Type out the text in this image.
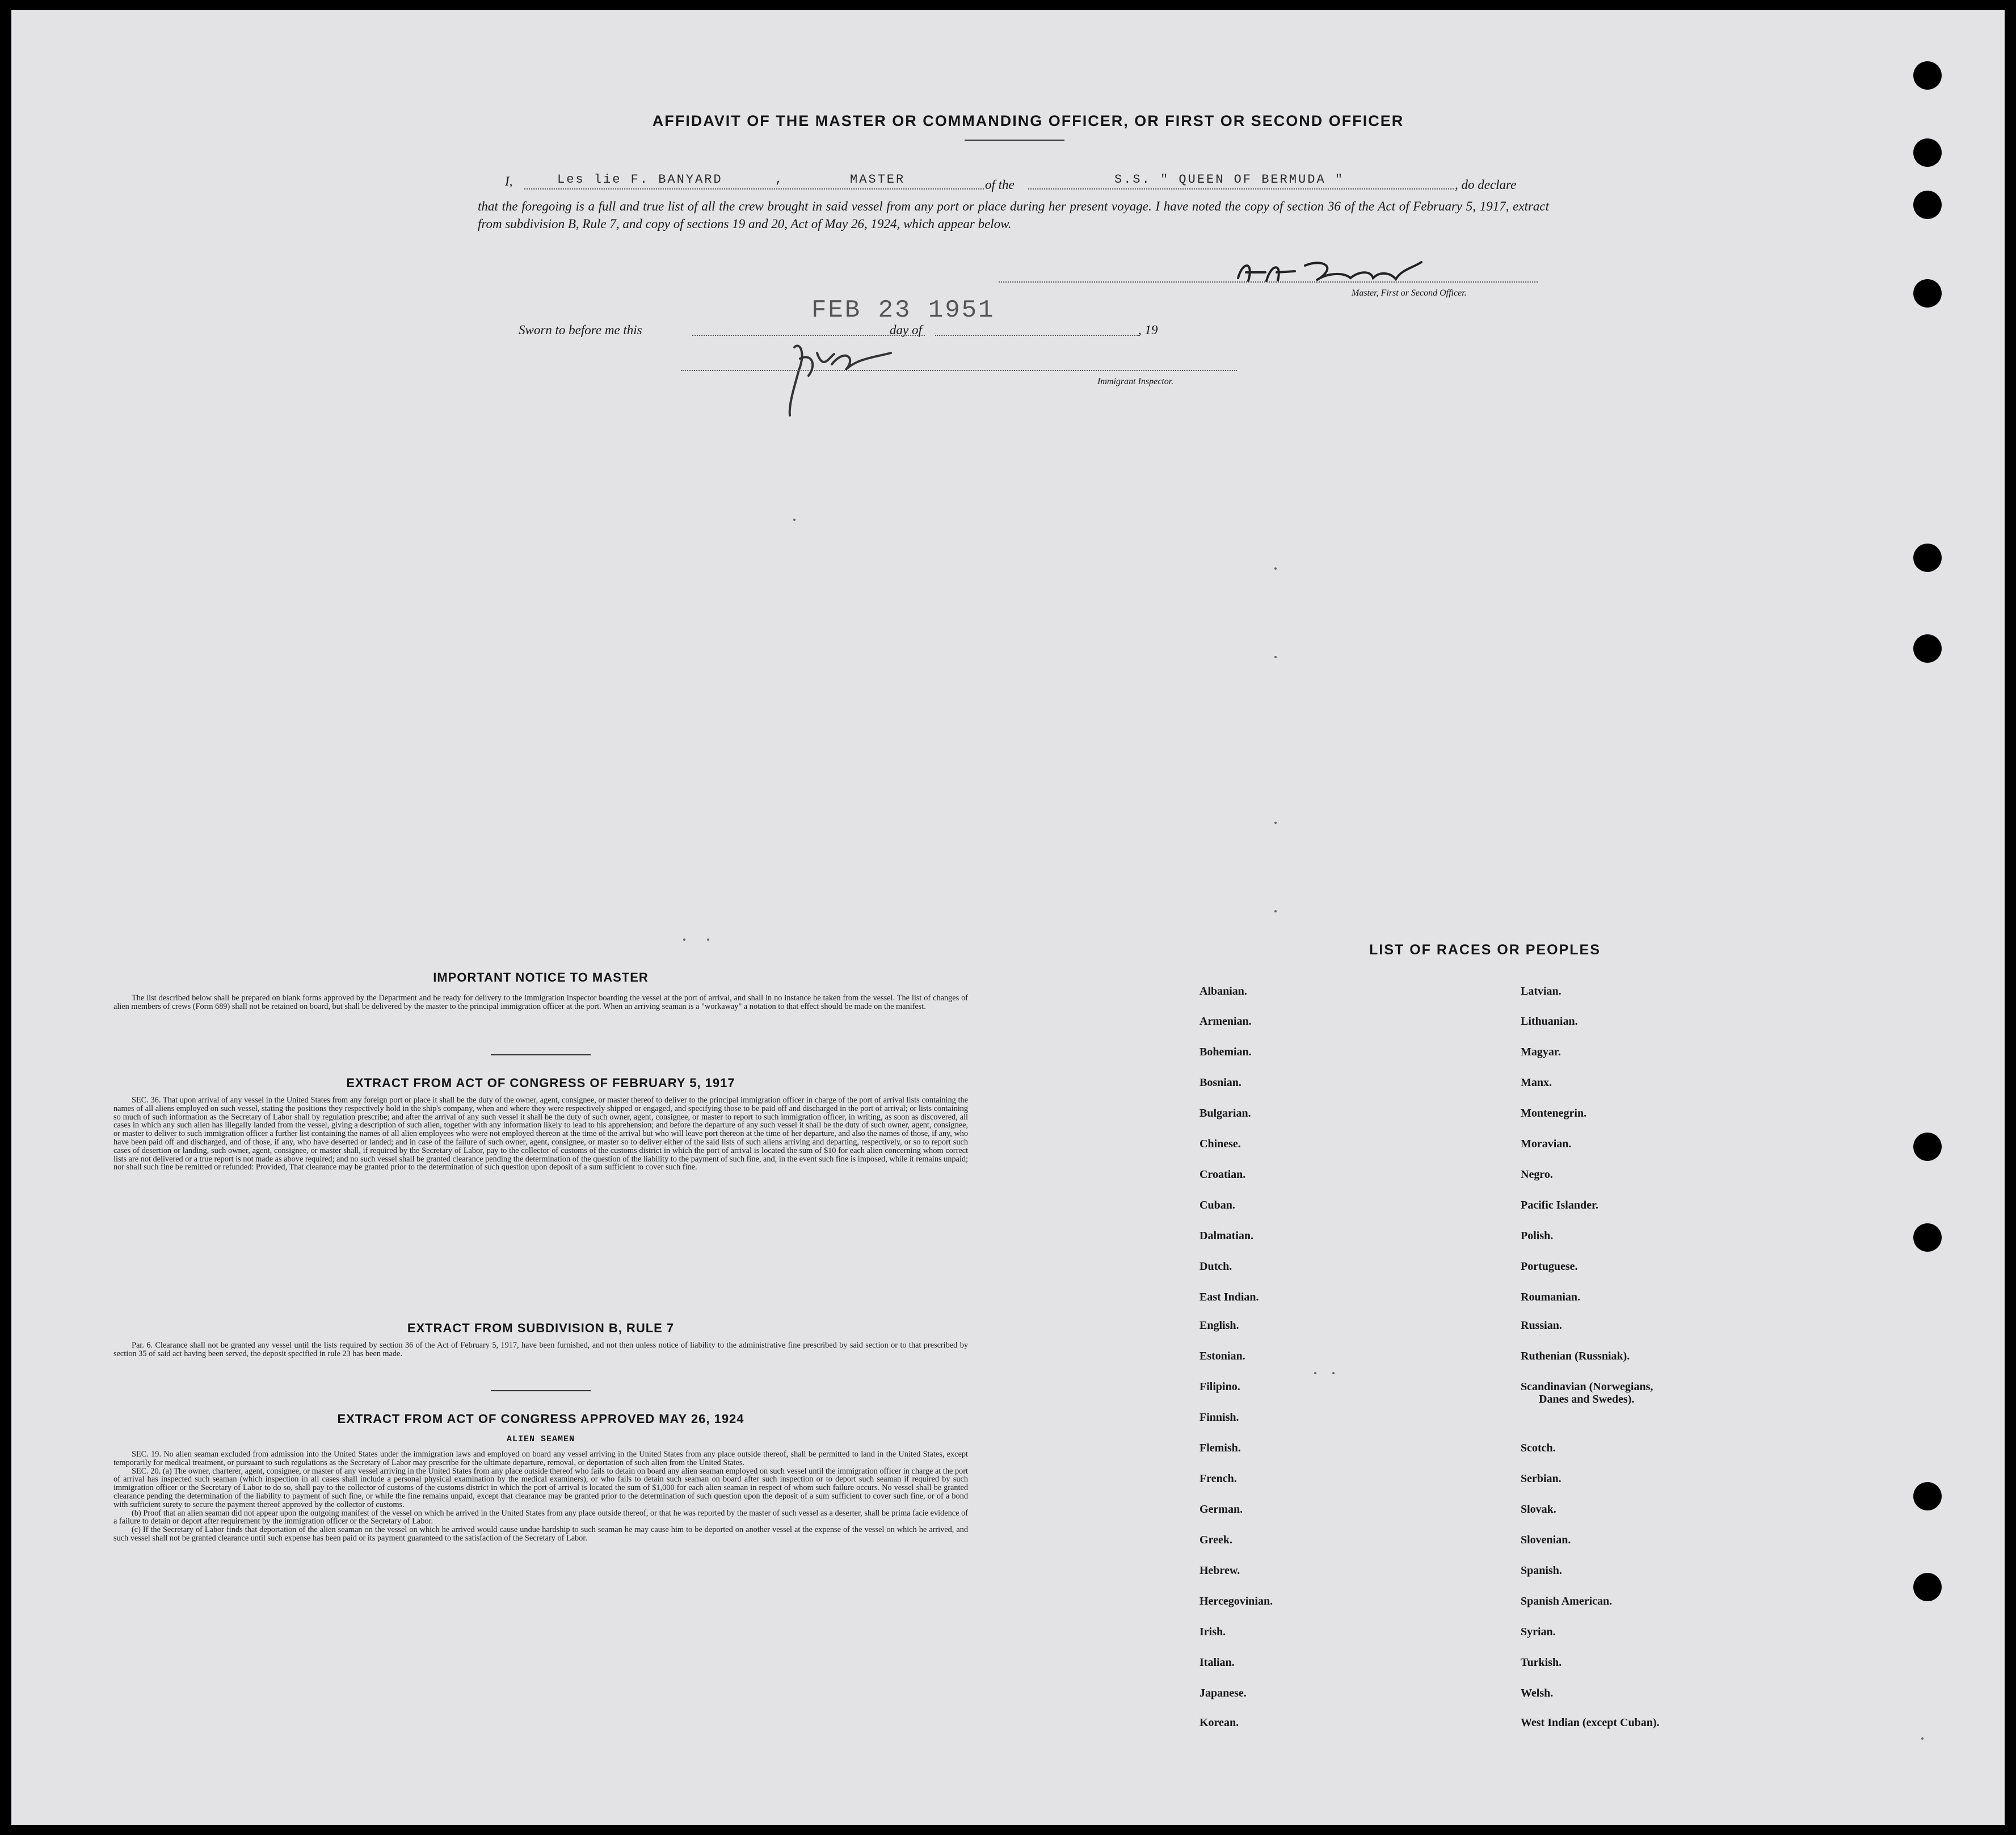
AFFIDAVIT OF THE MASTER OR COMMANDING OFFICER, OR FIRST OR SECOND OFFICER
I,	Les lie F. BANYARD	,	MASTER	of the	S.S. " QUEEN OF BERMUDA "	, do declare
that the foregoing is a full and true list of all the crew brought in said vessel from any port or place during her present voyage. I have noted the copy of section 36 of the Act of February 5, 1917, extract from subdivision B, Rule 7, and copy of sections 19 and 20, Act of May 26, 1924, which appear below.
L.F. Banyard	Master, First or Second Officer.
Sworn to before me this
FEB 23 1951
day of	, 19
JJ Hone
Immigrant Inspector.
IMPORTANT NOTICE TO MASTER

The list described below shall be prepared on blank forms approved by the Department and be ready for delivery to the immigration inspector boarding the vessel at the port of arrival, and shall in no instance be taken from the vessel. The list of changes of alien members of crews (Form 689) shall not be retained on board, but shall be delivered by the master to the principal immigration officer at the port. When an arriving seaman is a "workaway" a notation to that effect should be made on the manifest.

EXTRACT FROM ACT OF CONGRESS OF FEBRUARY 5, 1917

SEC. 36. That upon arrival of any vessel in the United States from any foreign port or place it shall be the duty of the owner, agent, consignee, or master thereof to deliver to the principal immigration officer in charge of the port of arrival lists containing the names of all aliens employed on such vessel, stating the positions they respectively hold in the ship's company, when and where they were respectively shipped or engaged, and specifying those to be paid off and discharged in the port of arrival; or lists containing so much of such information as the Secretary of Labor shall by regulation prescribe; and after the arrival of any such vessel it shall be the duty of such owner, agent, consignee, or master to report to such immigration officer, in writing, as soon as discovered, all cases in which any such alien has illegally landed from the vessel, giving a description of such alien, together with any information likely to lead to his apprehension; and before the departure of any such vessel it shall be the duty of such owner, agent, consignee, or master to deliver to such immigration officer a further list containing the names of all alien employees who were not employed thereon at the time of the arrival but who will leave port thereon at the time of her departure, and also the names of those, if any, who have been paid off and discharged, and of those, if any, who have deserted or landed; and in case of the failure of such owner, agent, consignee, or master so to deliver either of the said lists of such aliens arriving and departing, respectively, or so to report such cases of desertion or landing, such owner, agent, consignee, or master shall, if required by the Secretary of Labor, pay to the collector of customs of the customs district in which the port of arrival is located the sum of $10 for each alien concerning whom correct lists are not delivered or a true report is not made as above required; and no such vessel shall be granted clearance pending the determination of the question of the liability to the payment of such fine, and, in the event such fine is imposed, while it remains unpaid; nor shall such fine be remitted or refunded: Provided, That clearance may be granted prior to the determination of such question upon deposit of a sum sufficient to cover such fine.

EXTRACT FROM SUBDIVISION B, RULE 7

Par. 6. Clearance shall not be granted any vessel until the lists required by section 36 of the Act of February 5, 1917, have been furnished, and not then unless notice of liability to the administrative fine prescribed by said section or to that prescribed by section 35 of said act having been served, the deposit specified in rule 23 has been made.

EXTRACT FROM ACT OF CONGRESS APPROVED MAY 26, 1924
ALIEN SEAMEN

SEC. 19. No alien seaman excluded from admission into the United States under the immigration laws and employed on board any vessel arriving in the United States from any place outside thereof, shall be permitted to land in the United States, except temporarily for medical treatment, or pursuant to such regulations as the Secretary of Labor may prescribe for the ultimate departure, removal, or deportation of such alien from the United States.

SEC. 20. (a) The owner, charterer, agent, consignee, or master of any vessel arriving in the United States from any place outside thereof who fails to detain on board any alien seaman employed on such vessel until the immigration officer in charge at the port of arrival has inspected such seaman (which inspection in all cases shall include a personal physical examination by the medical examiners), or who fails to detain such seaman on board after such inspection or to deport such seaman if required by such immigration officer or the Secretary of Labor to do so, shall pay to the collector of customs of the customs district in which the port of arrival is located the sum of $1,000 for each alien seaman in respect of whom such failure occurs. No vessel shall be granted clearance pending the determination of the liability to payment of such fine, or while the fine remains unpaid, except that clearance may be granted prior to the determination of such question upon the deposit of a sum sufficient to cover such fine, or of a bond with sufficient surety to secure the payment thereof approved by the collector of customs.

(b) Proof that an alien seaman did not appear upon the outgoing manifest of the vessel on which he arrived in the United States from any place outside thereof, or that he was reported by the master of such vessel as a deserter, shall be prima facie evidence of a failure to detain or deport after requirement by the immigration officer or the Secretary of Labor.

(c) If the Secretary of Labor finds that deportation of the alien seaman on the vessel on which he arrived would cause undue hardship to such seaman he may cause him to be deported on another vessel at the expense of the vessel on which he arrived, and such vessel shall not be granted clearance until such expense has been paid or its payment guaranteed to the satisfaction of the Secretary of Labor.

LIST OF RACES OR PEOPLES
Albanian.
Armenian.
Bohemian.
Bosnian.
Bulgarian.
Chinese.
Croatian.
Cuban.
Dalmatian.
Dutch.
East Indian.
English.
Estonian.
Filipino.
Finnish.
Flemish.
French.
German.
Greek.
Hebrew.
Hercegovinian.
Irish.
Italian.
Japanese.
Korean.
Latvian.
Lithuanian.
Magyar.
Manx.
Montenegrin.
Moravian.
Negro.
Pacific Islander.
Polish.
Portuguese.
Roumanian.
Russian.
Ruthenian (Russniak).
Scandinavian (Norwegians,
Danes and Swedes).
Scotch.
Serbian.
Slovak.
Slovenian.
Spanish.
Spanish American.
Syrian.
Turkish.
Welsh.
West Indian (except Cuban).
